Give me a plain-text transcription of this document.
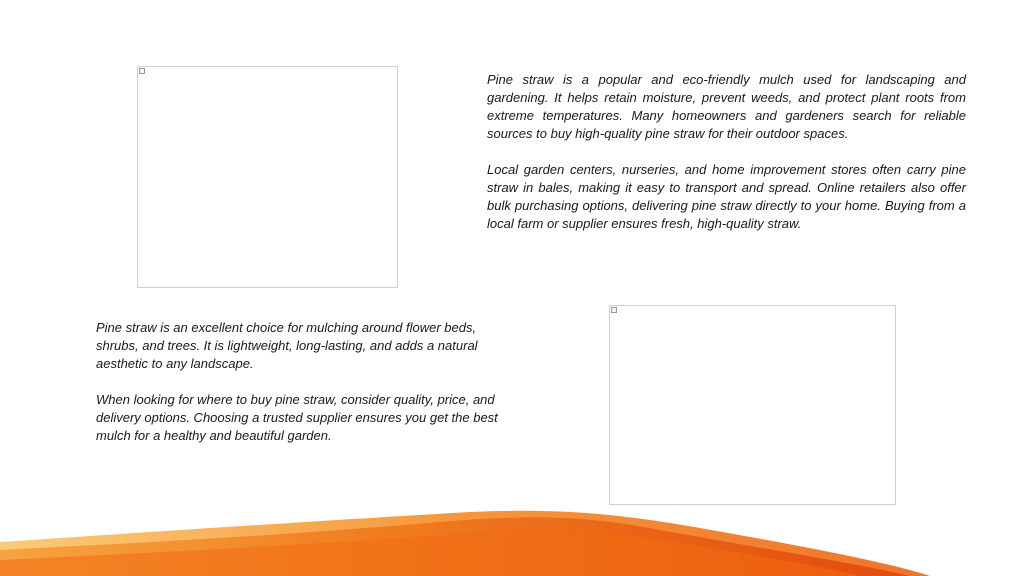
Pine straw is a popular and eco-friendly mulch used for landscaping and gardening. It helps retain moisture, prevent weeds, and protect plant roots from extreme temperatures. Many homeowners and gardeners search for reliable sources to buy high-quality pine straw for their outdoor spaces.

Local garden centers, nurseries, and home improvement stores often carry pine straw in bales, making it easy to transport and spread. Online retailers also offer bulk purchasing options, delivering pine straw directly to your home. Buying from a local farm or supplier ensures fresh, high-quality straw.

Pine straw is an excellent choice for mulching around flower beds, shrubs, and trees. It is lightweight, long-lasting, and adds a natural aesthetic to any landscape.

When looking for where to buy pine straw, consider quality, price, and delivery options. Choosing a trusted supplier ensures you get the best mulch for a healthy and beautiful garden.
